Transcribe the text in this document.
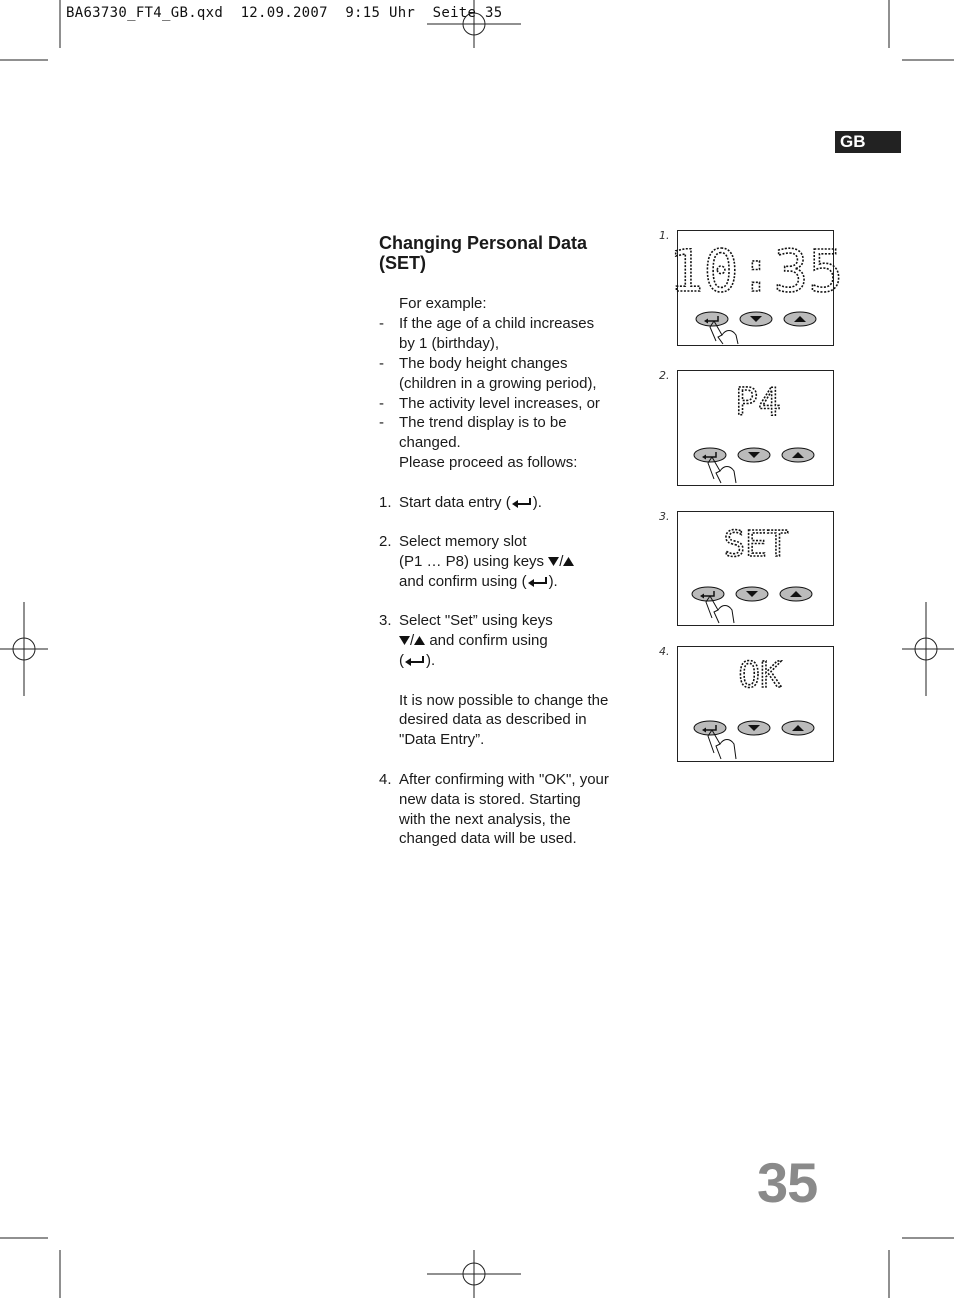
BA63730_FT4_GB.qxd  12.09.2007  9:15 Uhr  Seite 35
GB
Changing Personal Data (SET)
For example:
- If the age of a child increases by 1 (birthday),
- The body height changes (children in a growing period),
- The activity level increases, or
- The trend display is to be changed.
Please proceed as follows:
1. Start data entry ( ).
2. Select memory slot
(P1 … P8) using keys /
and confirm using ( ).
3. Select "Set” using keys
/ and confirm using
( ).
It is now possible to change the desired data as described in "Data Entry”.
4. After confirming with "OK", your new data is stored. Starting with the next analysis, the changed data will be used.
1.
10:35
2.
P4
3.
SET
4.
OK
35
